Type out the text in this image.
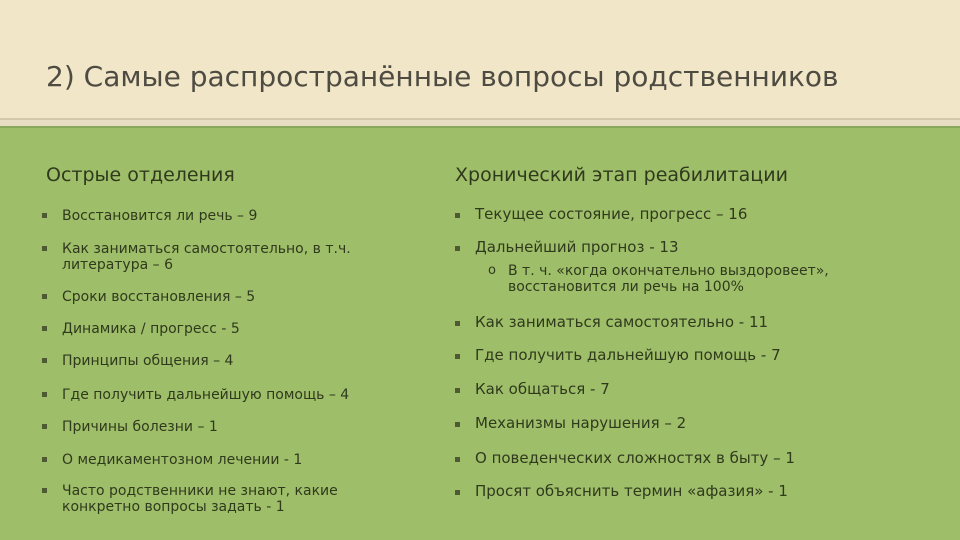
2) Самые распространённые вопросы родственников
Острые отделения
Восстановится ли речь – 9
Как заниматься самостоятельно, в т.ч. литература – 6
Сроки восстановления – 5
Динамика / прогресс - 5
Принципы общения – 4
Где получить дальнейшую помощь – 4
Причины болезни – 1
О медикаментозном лечении - 1
Часто родственники не знают, какие конкретно вопросы задать - 1
Хронический этап реабилитации
Текущее состояние, прогресс – 16
Дальнейший прогноз - 13
o В т. ч. «когда окончательно выздоровеет», восстановится ли речь на 100%
Как заниматься самостоятельно - 11
Где получить дальнейшую помощь - 7
Как общаться - 7
Механизмы нарушения – 2
О поведенческих сложностях в быту – 1
Просят объяснить термин «афазия» - 1
